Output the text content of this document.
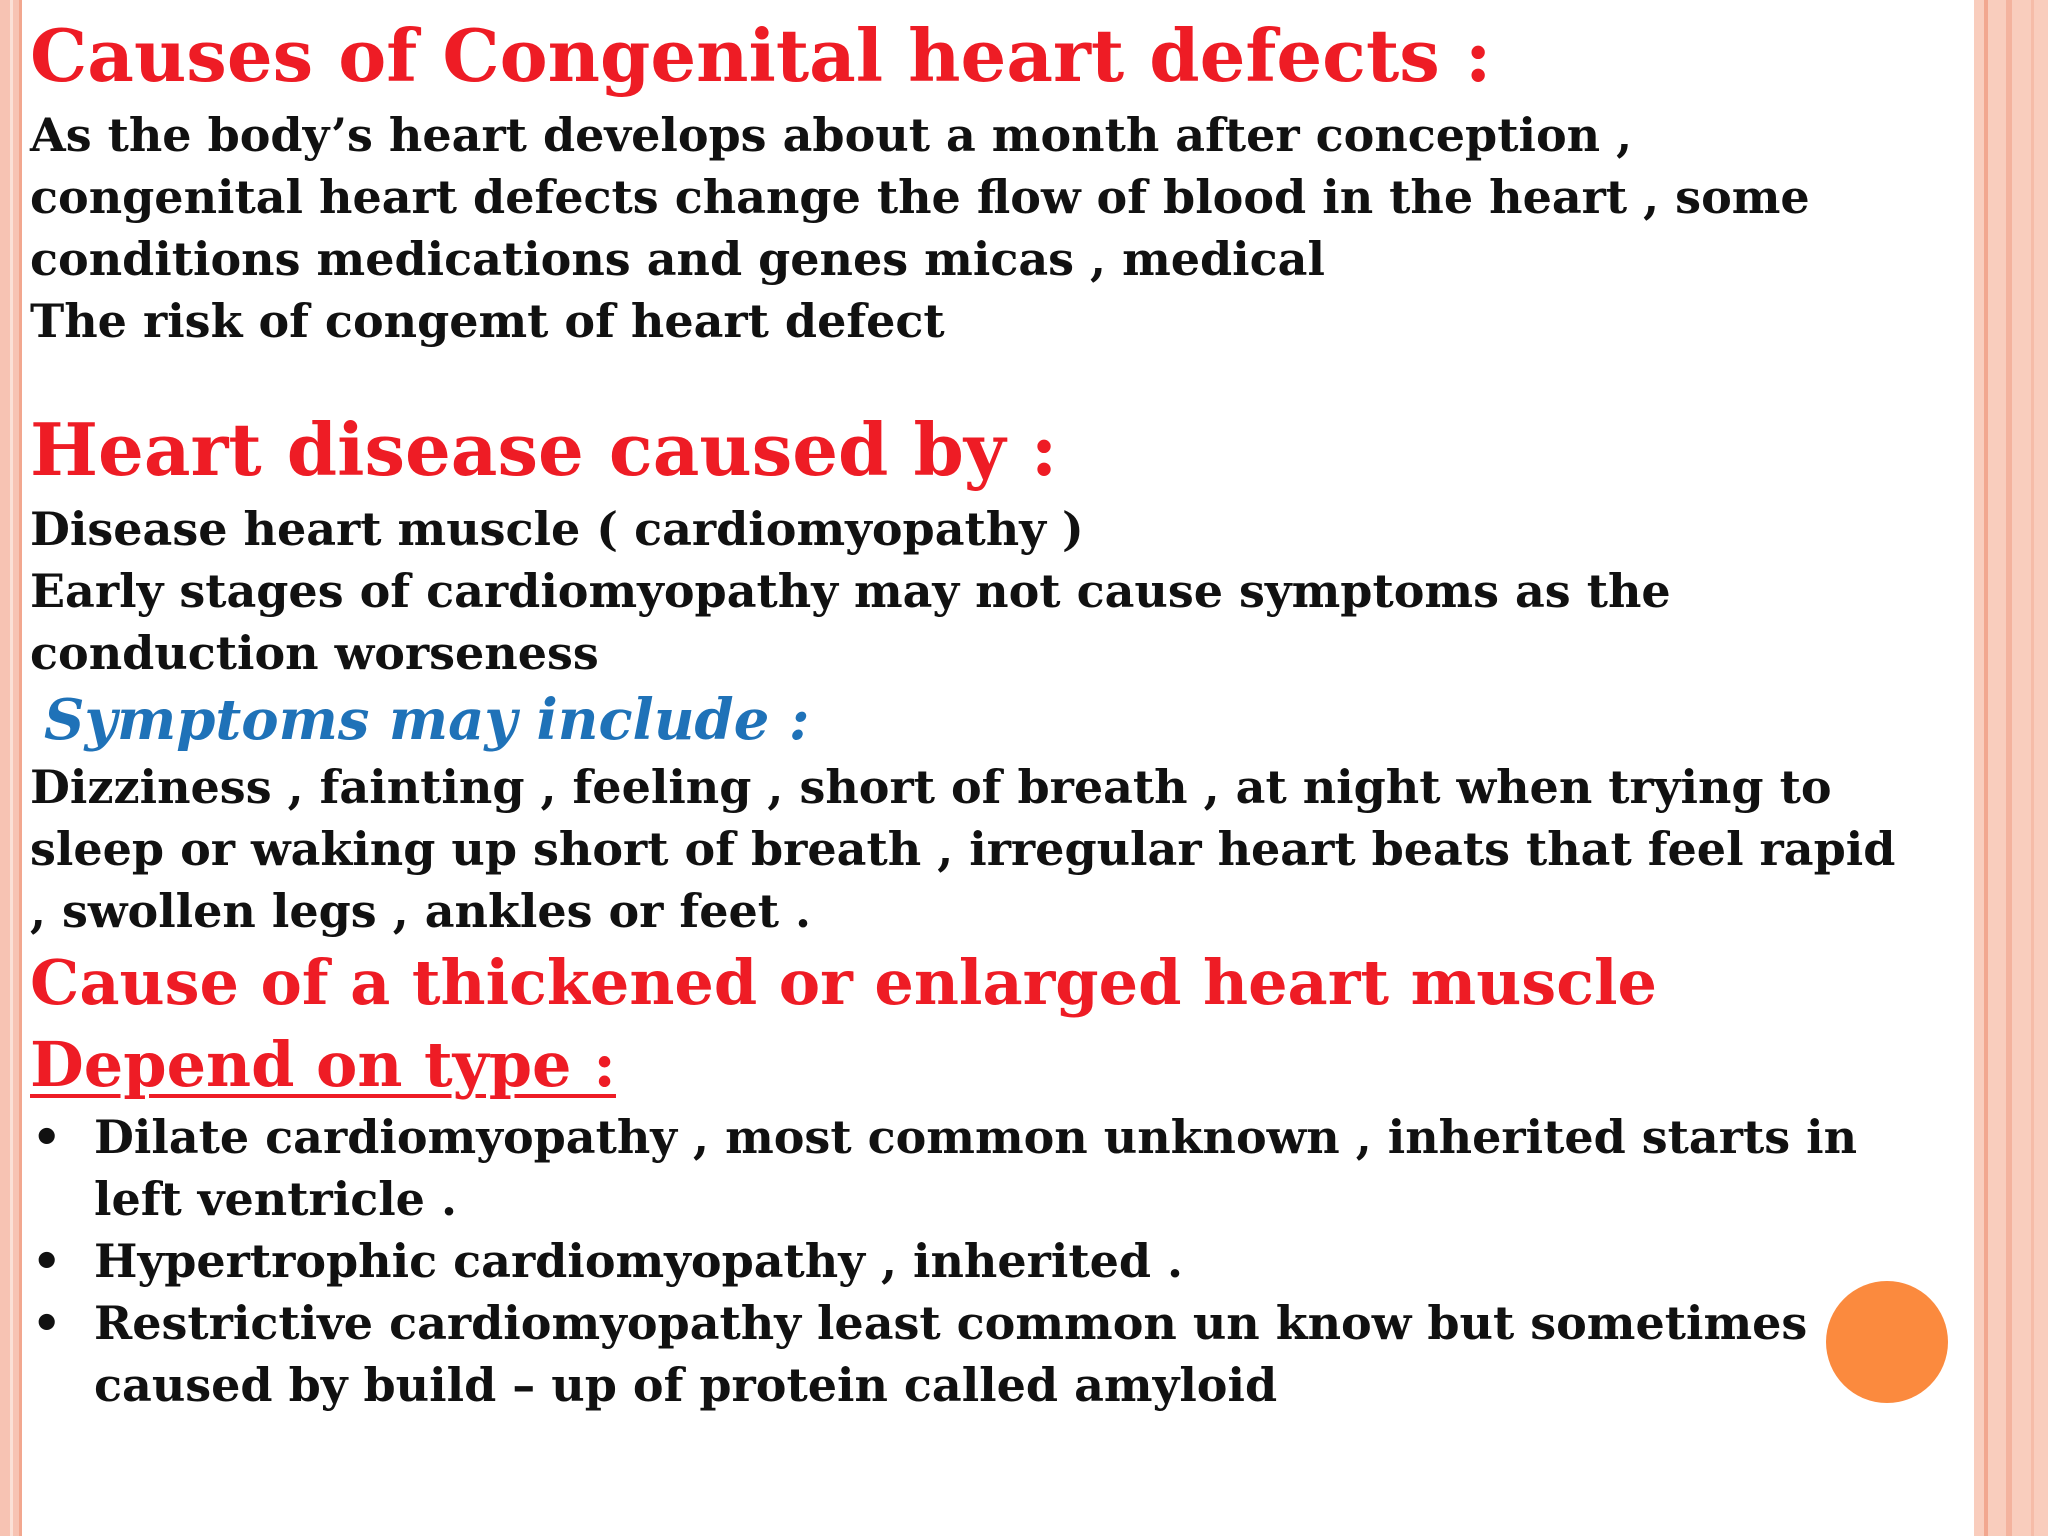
Causes of Congenital heart defects :

As the body’s heart develops about a month after conception ,
congenital heart defects change the flow of blood in the heart , some
conditions medications and genes micas , medical
The risk of congemt of heart defect

Heart disease caused by :

Disease heart muscle ( cardiomyopathy )
Early stages of cardiomyopathy may not cause symptoms as the
conduction worseness

Symptoms may include :

Dizziness , fainting , feeling , short of breath , at night when trying to
sleep or waking up short of breath , irregular heart beats that feel rapid
, swollen legs , ankles or feet .

Cause of a thickened or enlarged heart muscle
Depend on type :
• Dilate cardiomyopathy , most common unknown , inherited starts in
left ventricle .
• Hypertrophic cardiomyopathy , inherited .
• Restrictive cardiomyopathy least common un know but sometimes
caused by build – up of protein called amyloid
